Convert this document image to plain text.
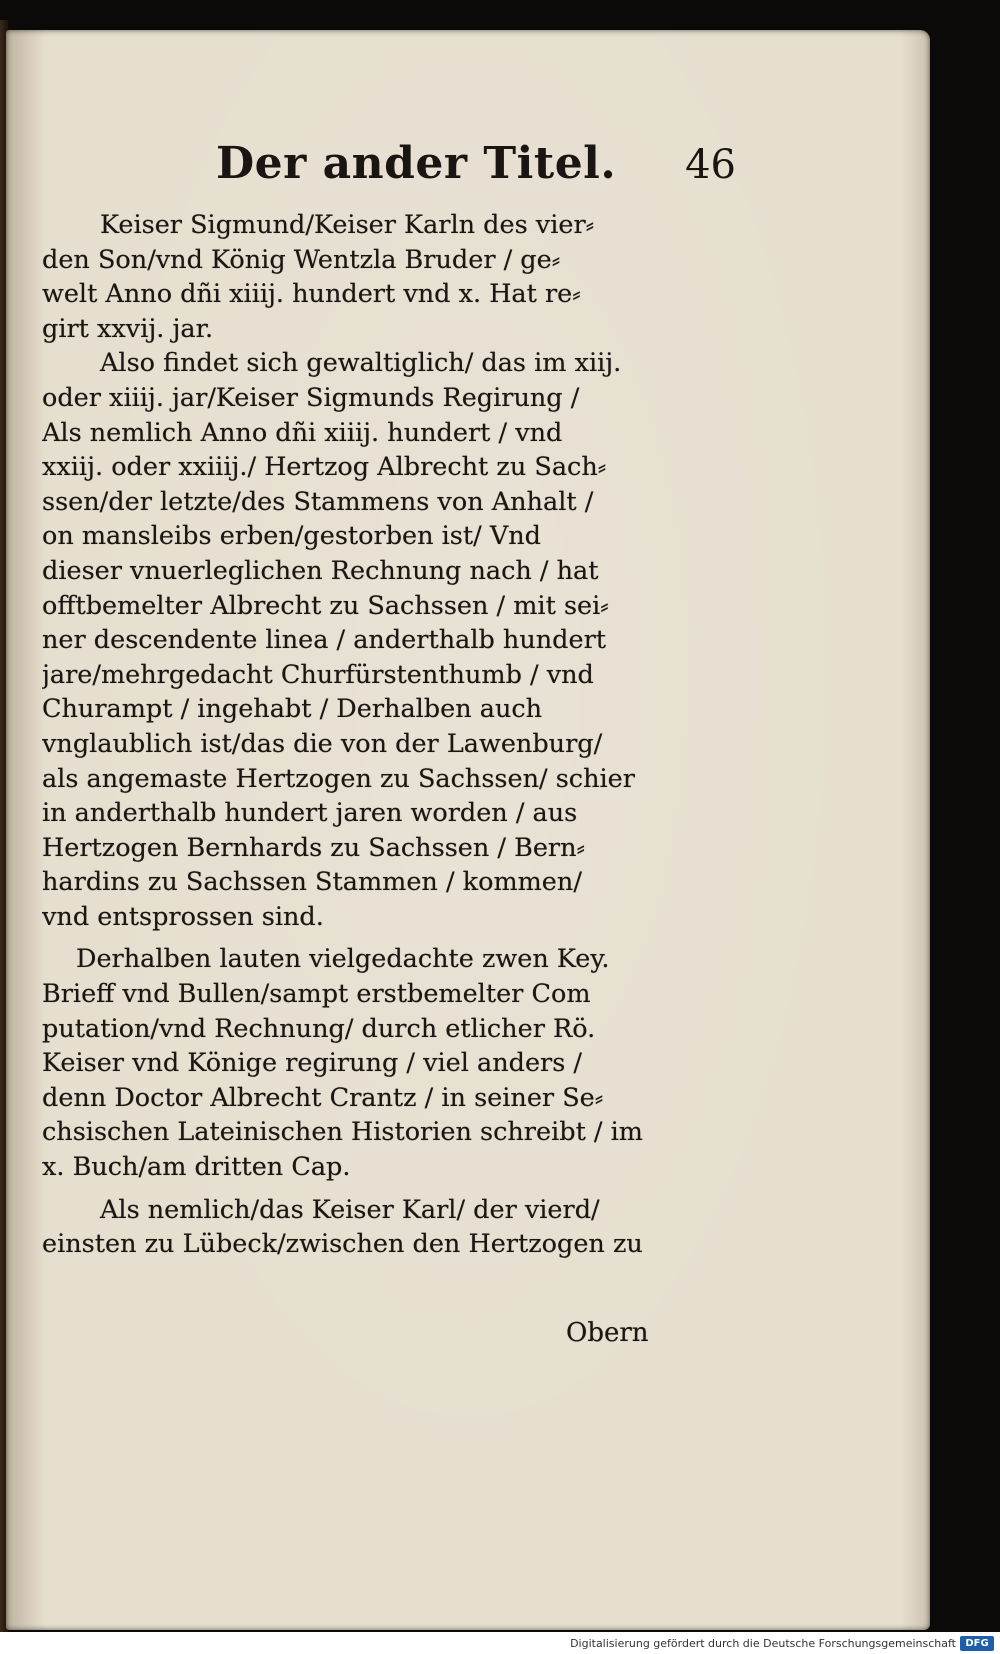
Der ander Titel. 46
Keiser Sigmund/Keiser Karln des vier⸗
den Son/vnd König Wentzla Bruder / ge⸗
welt Anno dñi xiiij. hundert vnd x. Hat re⸗
girt xxvij. jar.
Also findet sich gewaltiglich/ das im xiij.
oder xiiij. jar/Keiser Sigmunds Regirung /
Als nemlich Anno dñi xiiij. hundert / vnd
xxiij. oder xxiiij./ Hertzog Albrecht zu Sach⸗
ssen/der letzte/des Stammens von Anhalt /
on mansleibs erben/gestorben ist/ Vnd
dieser vnuerleglichen Rechnung nach / hat
offtbemelter Albrecht zu Sachssen / mit sei⸗
ner descendente linea / anderthalb hundert
jare/mehrgedacht Churfürstenthumb / vnd
Churampt / ingehabt / Derhalben auch
vnglaublich ist/das die von der Lawenburg/
als angemaste Hertzogen zu Sachssen/ schier
in anderthalb hundert jaren worden / aus
Hertzogen Bernhards zu Sachssen / Bern⸗
hardins zu Sachssen Stammen / kommen/
vnd entsprossen sind.
Derhalben lauten vielgedachte zwen Key.
Brieff vnd Bullen/sampt erstbemelter Com
putation/vnd Rechnung/ durch etlicher Rö.
Keiser vnd Könige regirung / viel anders /
denn Doctor Albrecht Crantz / in seiner Se⸗
chsischen Lateinischen Historien schreibt / im
x. Buch/am dritten Cap.
Als nemlich/das Keiser Karl/ der vierd/
einsten zu Lübeck/zwischen den Hertzogen zu
Obern
Digitalisierung gefördert durch die Deutsche Forschungsgemeinschaft DFG
